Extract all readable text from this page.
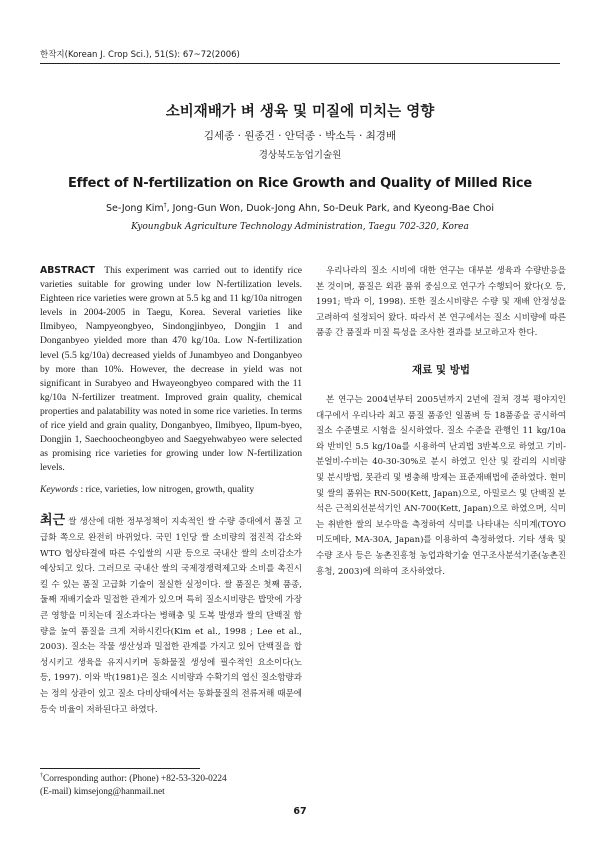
한작지(Korean J. Crop Sci.), 51(S): 67~72(2006)
소비재배가 벼 생육 및 미질에 미치는 영향
김세종 · 원종건 · 안덕종 · 박소득 · 최경배
경상북도농업기술원
Effect of N-fertilization on Rice Growth and Quality of Milled Rice
Se-Jong Kim†, Jong-Gun Won, Duok-Jong Ahn, So-Deuk Park, and Kyeong-Bae Choi
Kyoungbuk Agriculture Technology Administration, Taegu 702-320, Korea

ABSTRACT This experiment was carried out to identify rice varieties suitable for growing under low N-fertilization levels. Eighteen rice varieties were grown at 5.5 kg and 11 kg/10a nitrogen levels in 2004-2005 in Taegu, Korea. Several varieties like Ilmibyeo, Nampyeongbyeo, Sindongjinbyeo, Dongjin 1 and Donganbyeo yielded more than 470 kg/10a. Low N-fertilization level (5.5 kg/10a) decreased yields of Junambyeo and Donganbyeo by more than 10%. However, the decrease in yield was not significant in Surabyeo and Hwayeongbyeo compared with the 11 kg/10a N-fertilizer treatment. Improved grain quality, chemical properties and palatability was noted in some rice varieties. In terms of rice yield and grain quality, Donganbyeo, Ilmibyeo, Ilpum-byeo, Dongjin 1, Saechoocheongbyeo and Saegyehwabyeo were selected as promising rice varieties for growing under low N-fertilization levels.

Keywords : rice, varieties, low nitrogen, growth, quality

최근 쌀 생산에 대한 정부정책이 지속적인 쌀 수량 증대에서 품질 고급화 쪽으로 완전히 바뀌었다. 국민 1인당 쌀 소비량의 점진적 감소와 WTO 협상타결에 따른 수입쌀의 시판 등으로 국내산 쌀의 소비감소가 예상되고 있다. 그러므로 국내산 쌀의 국제경쟁력제고와 소비를 촉진시킬 수 있는 품질 고급화 기술이 절실한 실정이다. 쌀 품질은 첫째 품종, 둘째 재배기술과 밀접한 관계가 있으며 특히 질소시비량은 밥맛에 가장 큰 영향을 미치는데 질소과다는 병해충 및 도복 발생과 쌀의 단백질 함량을 높여 품질을 크게 저하시킨다(Kim et al., 1998 ; Lee et al., 2003). 질소는 작물 생산성과 밀접한 관계를 가지고 있어 단백질을 합성시키고 생육을 유지시키며 동화물질 생성에 필수적인 요소이다(노 등, 1997). 이와 박(1981)은 질소 시비량과 수확기의 엽신 질소함량과는 정의 상관이 있고 질소 다비상태에서는 동화물질의 전류저해 때문에 등숙 비율이 저하된다고 하였다.

우리나라의 질소 시비에 대한 연구는 대부분 생육과 수량반응을 본 것이며, 품질은 외관 품위 중심으로 연구가 수행되어 왔다(오 등, 1991; 박과 이, 1998). 또한 질소시비량은 수량 및 재배 안정성을 고려하여 설정되어 왔다. 따라서 본 연구에서는 질소 시비량에 따른 품종 간 품질과 미질 특성을 조사한 결과를 보고하고자 한다.

재료 및 방법

본 연구는 2004년부터 2005년까지 2년에 걸쳐 경북 평야지인 대구에서 우리나라 최고 품질 품종인 일품벼 등 18품종을 공시하여 질소 수준별로 시험을 실시하였다. 질소 수준을 관행인 11 kg/10a와 반비인 5.5 kg/10a를 시용하여 난괴법 3반복으로 하였고 기비-분얼비-수비는 40-30-30%로 분시 하였고 인산 및 칼리의 시비량 및 분시방법, 못관리 및 병충해 방제는 표준재배법에 준하였다. 현미 및 쌀의 품위는 RN-500(Kett, Japan)으로, 아밀로스 및 단백질 분석은 근적외선분석기인 AN-700(Kett, Japan)으로 하였으며, 식미는 취반한 쌀의 보수막을 측정하여 식미를 나타내는 식미계(TOYO 미도메타, MA-30A, Japan)를 이용하여 측정하였다. 기타 생육 및 수량 조사 등은 농촌진흥청 농업과학기술 연구조사분석기준(농촌진흥청, 2003)에 의하여 조사하였다.

†Corresponding author: (Phone) +82-53-320-0224
(E-mail) kimsejong@hanmail.net
67
